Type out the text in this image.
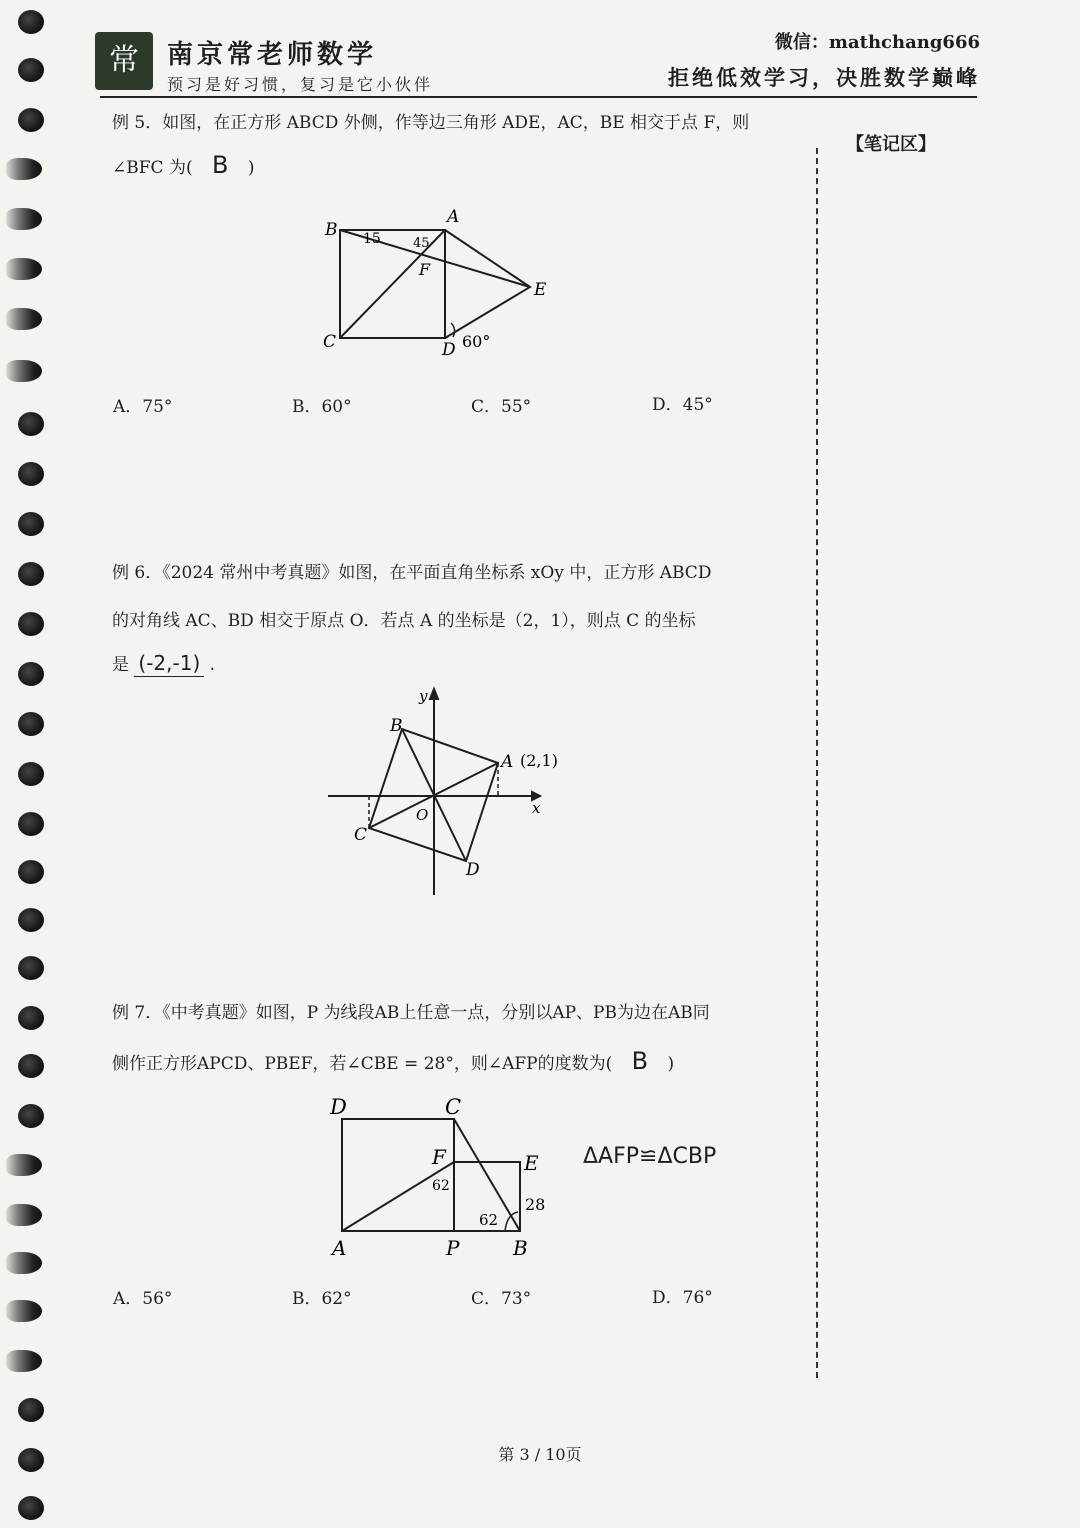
常	南京常老师数学
预习是好习惯，复习是它小伙伴
微信：mathchang666
拒绝低效学习，决胜数学巅峰
【笔记区】
例 5．如图，在正方形 ABCD 外侧，作等边三角形 ADE，AC，BE 相交于点 F，则
∠BFC 为( B )
B
A
C	D
E
F
15 45
60°
A．75°	B．60°	C．55°	D．45°
例 6．《2024 常州中考真题》如图，在平面直角坐标系 xOy 中，正方形 ABCD
的对角线 AC、BD 相交于原点 O．若点 A 的坐标是（2，1），则点 C 的坐标
是 (-2,-1) .
y
x
B
A
C
D
O
(2,1)
例 7．《中考真题》如图，P 为线段AB上任意一点，分别以AP、PB为边在AB同
侧作正方形APCD、PBEF，若∠CBE = 28°，则∠AFP的度数为( B )
D	C
F	E
A	P	B
62
62
28
ΔAFP≌ΔCBP
A．56°	B．62°	C．73°	D．76°
第 3 / 10页
